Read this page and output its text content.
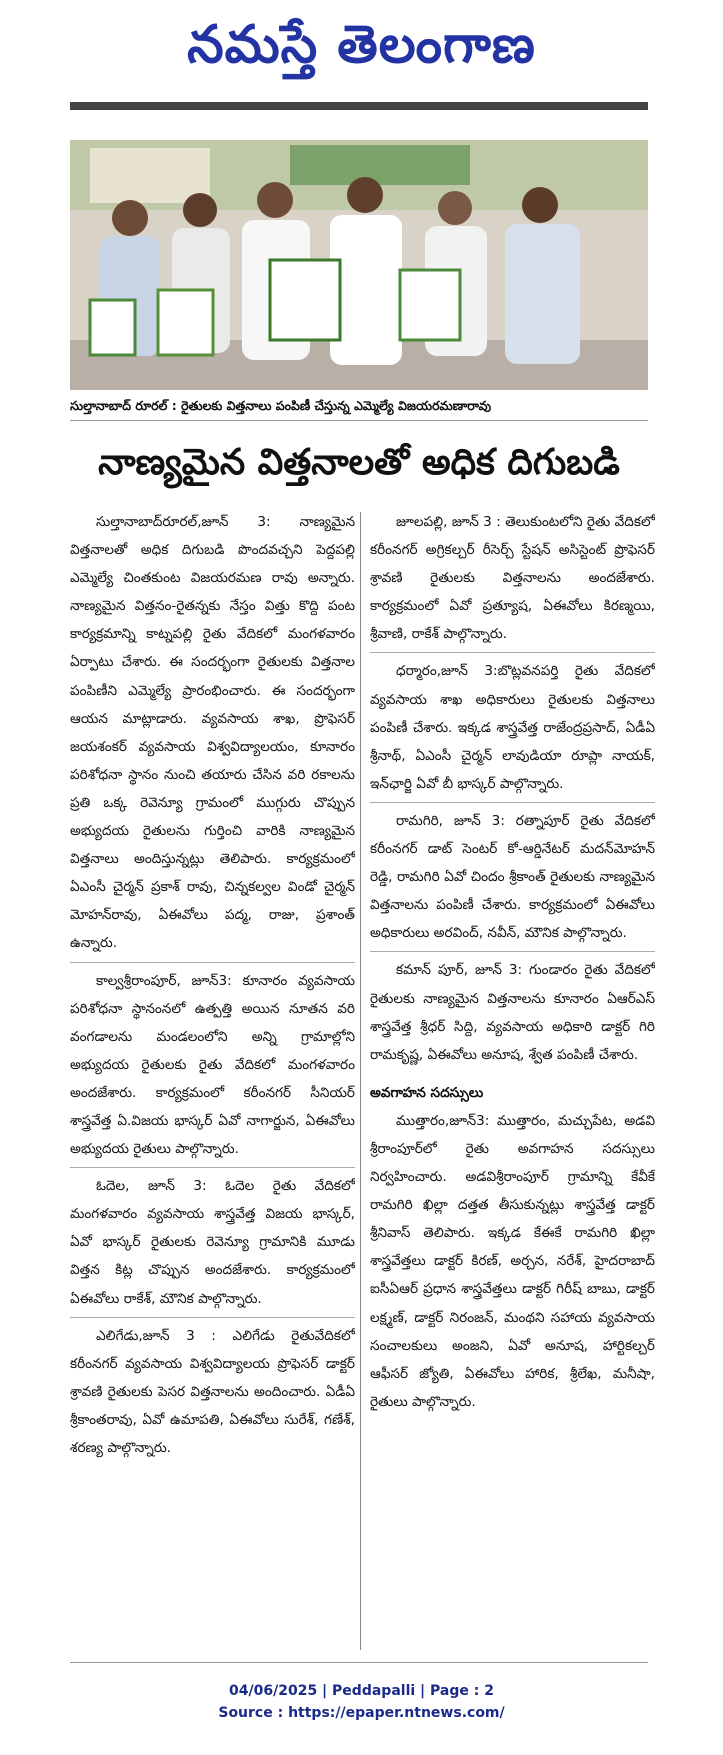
నమస్తే తెలంగాణ
సుల్తానాబాద్ రూరల్ : రైతులకు విత్తనాలు పంపిణీ చేస్తున్న ఎమ్మెల్యే విజయరమణారావు
నాణ్యమైన విత్తనాలతో అధిక దిగుబడి

సుల్తానాబాద్‌రూరల్,జూన్ 3: నాణ్యమైన విత్తనాలతో అధిక దిగుబడి పొందవచ్చని పెద్దపల్లి ఎమ్మెల్యే చింతకుంట విజయరమణ రావు అన్నారు. నాణ్యమైన విత్తనం-రైతన్నకు నేస్తం విత్తు కొద్ది పంట కార్యక్రమాన్ని కాట్నపల్లి రైతు వేదికలో మంగళవారం ఏర్పాటు చేశారు. ఈ సందర్భంగా రైతులకు విత్తనాల పంపిణీని ఎమ్మెల్యే ప్రారంభించారు. ఈ సందర్భంగా ఆయన మాట్లాడారు. వ్యవసాయ శాఖ, ప్రొఫెసర్ జయశంకర్ వ్యవసాయ విశ్వవిద్యాలయం, కూనారం పరిశోధనా స్థానం నుంచి తయారు చేసిన వరి రకాలను ప్రతి ఒక్క రెవెన్యూ గ్రామంలో ముగ్గురు చొప్పున అభ్యుదయ రైతులను గుర్తించి వారికి నాణ్యమైన విత్తనాలు అందిస్తున్నట్లు తెలిపారు. కార్యక్రమంలో ఏఎంసీ చైర్మన్ ప్రకాశ్ రావు, చిన్నకల్వల విండో చైర్మన్ మోహన్‌రావు, ఏఈవోలు పద్మ, రాజు, ప్రశాంత్ ఉన్నారు.

కాల్వశ్రీరాంపూర్, జూన్3: కూనారం వ్యవసాయ పరిశోధనా స్థానంనలో ఉత్పత్తి అయిన నూతన వరి వంగడాలను మండలంలోని అన్ని గ్రామాల్లోని అభ్యుదయ రైతులకు రైతు వేదికలో మంగళవారం అందజేశారు. కార్యక్రమంలో కరీంనగర్ సీనియర్ శాస్త్రవేత్త ఏ.విజయ భాస్కర్ ఏవో నాగార్జున, ఏఈవోలు అభ్యుదయ రైతులు పాల్గొన్నారు.

ఓదెల, జూన్ 3: ఓదెల రైతు వేదికలో మంగళవారం వ్యవసాయ శాస్త్రవేత్త విజయ భాస్కర్, ఏవో భాస్కర్ రైతులకు రెవెన్యూ గ్రామానికి మూడు విత్తన కిట్ల చొప్పున అందజేశారు. కార్యక్రమంలో ఏఈవోలు రాకేశ్, మౌనిక పాల్గొన్నారు.

ఎలిగేడు,జూన్ 3 : ఎలిగేడు రైతువేదికలో కరీంనగర్ వ్యవసాయ విశ్వవిద్యాలయ ప్రొఫెసర్ డాక్టర్ శ్రావణి రైతులకు పెసర విత్తనాలను అందించారు. ఏడీఏ శ్రీకాంతరావు, ఏవో ఉమాపతి, ఏఈవోలు సురేశ్, గణేశ్, శరణ్య పాల్గొన్నారు.

జూలపల్లి, జూన్ 3 : తెలుకుంటలోని రైతు వేదికలో కరీంనగర్ అగ్రికల్చర్ రీసెర్చ్ స్టేషన్ అసిస్టెంట్ ప్రొఫెసర్ శ్రావణి రైతులకు విత్తనాలను అందజేశారు. కార్యక్రమంలో ఏవో ప్రత్యూష, ఏఈవోలు కిరణ్మయి, శ్రీవాణి, రాకేశ్ పాల్గొన్నారు.

ధర్మారం,జూన్ 3:బొట్లవనపర్తి రైతు వేదికలో వ్యవసాయ శాఖ అధికారులు రైతులకు విత్తనాలు పంపిణీ చేశారు. ఇక్కడ శాస్త్రవేత్త రాజేంద్రప్రసాద్, ఏడీఏ శ్రీనాథ్, ఏఎంసీ చైర్మన్ లావుడియా రూప్లా నాయక్, ఇన్‌ఛార్జి ఏవో బీ భాస్కర్ పాల్గొన్నారు.

రామగిరి, జూన్ 3: రత్నాపూర్ రైతు వేదికలో కరీంనగర్ డాట్ సెంటర్ కో-ఆర్డినేటర్ మదన్‌మోహన్ రెడ్డి, రామగిరి ఏవో చిందం శ్రీకాంత్ రైతులకు నాణ్యమైన విత్తనాలను పంపిణీ చేశారు. కార్యక్రమంలో ఏఈవోలు అధికారులు అరవింద్, నవీన్, మౌనిక పాల్గొన్నారు.

కమాన్ పూర్, జూన్ 3: గుండారం రైతు వేదికలో రైతులకు నాణ్యమైన విత్తనాలను కూనారం ఏఆర్ఎస్ శాస్త్రవేత్త శ్రీధర్ సిద్ది, వ్యవసాయ అధికారి డాక్టర్ గిరి రామకృష్ణ, ఏఈవోలు అనూష, శ్వేత పంపిణీ చేశారు.

అవగాహన సదస్సులు

ముత్తారం,జూన్3: ముత్తారం, మచ్చుపేట, అడవి శ్రీరాంపూర్‌లో రైతు అవగాహన సదస్సులు నిర్వహించారు. అడవిశ్రీరాంపూర్ గ్రామాన్ని కేవీకే రామగిరి ఖిల్లా దత్తత తీసుకున్నట్లు శాస్త్రవేత్త డాక్టర్ శ్రీనివాస్ తెలిపారు. ఇక్కడ కేఈకే రామగిరి ఖిల్లా శాస్త్రవేత్తలు డాక్టర్ కిరణ్, అర్చన, నరేశ్, హైదరాబాద్ ఐసీఏఆర్ ప్రధాన శాస్త్రవేత్తలు డాక్టర్ గిరీష్ బాబు, డాక్టర్ లక్ష్మణ్, డాక్టర్ నిరంజన్, మంథని సహాయ వ్యవసాయ సంచాలకులు అంజని, ఏవో అనూష, హార్టికల్చర్ ఆఫీసర్ జ్యోతి, ఏఈవోలు హారిక, శ్రీలేఖ, మనీషా, రైతులు పాల్గొన్నారు.

04/06/2025 | Peddapalli | Page : 2
Source : https://epaper.ntnews.com/
